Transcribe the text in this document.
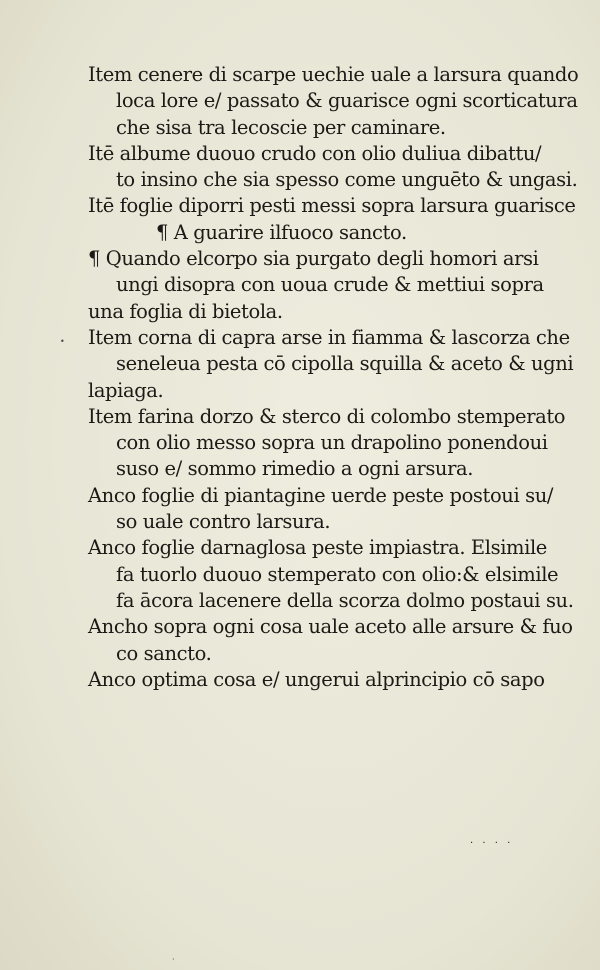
Item cenere di scarpe uechie uale a larsura quando
loca lore e/ passato & guarisce ogni scorticatura
che sisa tra lecoscie per caminare.
Itē albume duouo crudo con olio duliua dibattu/
to insino che sia spesso come unguēto & ungasi.
Itē foglie diporri pesti messi sopra larsura guarisce
¶ A guarire ilfuoco sancto.
¶ Quando elcorpo sia purgato degli homori arsi
ungi disopra con uoua crude & mettiui sopra
una foglia di bietola.
Item corna di capra arse in fiamma & lascorza che
seneleua pesta cō cipolla squilla & aceto & ugni
lapiaga.
Item farina dorzo & sterco di colombo stemperato
con olio messo sopra un drapolino ponendoui
suso e/ sommo rimedio a ogni arsura.
Anco foglie di piantagine uerde peste postoui su/
so uale contro larsura.
Anco foglie darnaglosa peste impiastra. Elsimile
fa tuorlo duouo stemperato con olio:& elsimile
fa ācora lacenere della scorza dolmo postaui su.
Ancho sopra ogni cosa uale aceto alle arsure & fuo
co sancto.
Anco optima cosa e/ ungerui alprincipio cō sapo
· · · ·
•
·
